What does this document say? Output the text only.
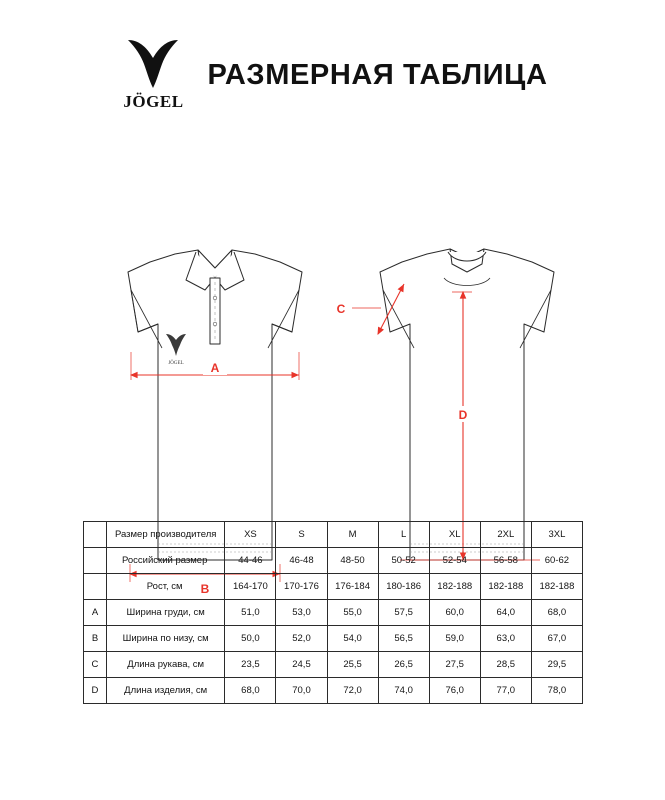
JÖGEL
РАЗМЕРНАЯ ТАБЛИЦА
JÖGEL A
B
C
D
	Размер производителя	XS	S	M	L	XL	2XL	3XL
	Российский размер	44-46	46-48	48-50	50-52	52-54	56-58	60-62
	Рост, см	164-170	170-176	176-184	180-186	182-188	182-188	182-188
A	Ширина груди, см	51,0	53,0	55,0	57,5	60,0	64,0	68,0
B	Ширина по низу, см	50,0	52,0	54,0	56,5	59,0	63,0	67,0
C	Длина рукава, см	23,5	24,5	25,5	26,5	27,5	28,5	29,5
D	Длина изделия, см	68,0	70,0	72,0	74,0	76,0	77,0	78,0
